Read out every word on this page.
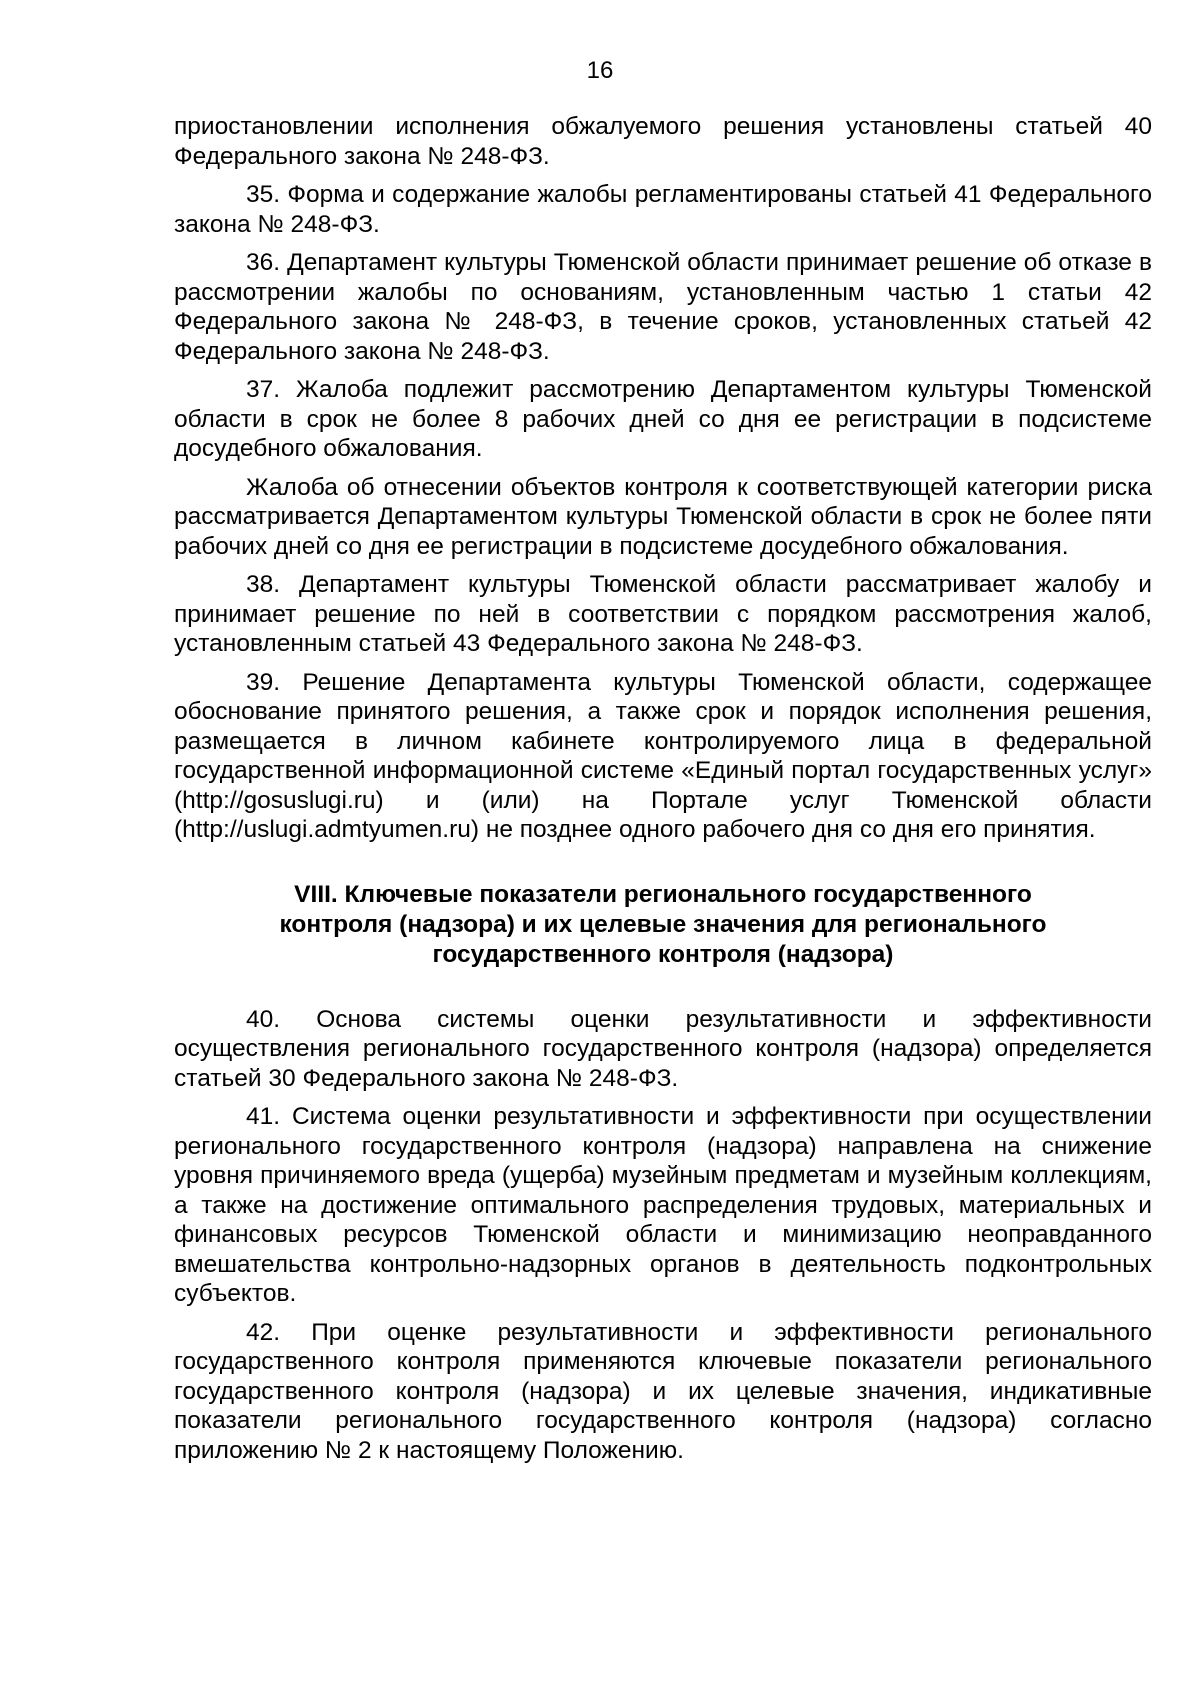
16

приостановлении исполнения обжалуемого решения установлены статьей 40 Федерального закона № 248-ФЗ.

35. Форма и содержание жалобы регламентированы статьей 41 Федерального закона № 248-ФЗ.

36. Департамент культуры Тюменской области принимает решение об отказе в рассмотрении жалобы по основаниям, установленным частью 1 статьи 42 Федерального закона № 248-ФЗ, в течение сроков, установленных статьей 42 Федерального закона № 248-ФЗ.

37. Жалоба подлежит рассмотрению Департаментом культуры Тюменской области в срок не более 8 рабочих дней со дня ее регистрации в подсистеме досудебного обжалования.

Жалоба об отнесении объектов контроля к соответствующей категории риска рассматривается Департаментом культуры Тюменской области в срок не более пяти рабочих дней со дня ее регистрации в подсистеме досудебного обжалования.

38. Департамент культуры Тюменской области рассматривает жалобу и принимает решение по ней в соответствии с порядком рассмотрения жалоб, установленным статьей 43 Федерального закона № 248-ФЗ.

39. Решение Департамента культуры Тюменской области, содержащее обоснование принятого решения, а также срок и порядок исполнения решения, размещается в личном кабинете контролируемого лица в федеральной государственной информационной системе «Единый портал государственных услуг» (http://gosuslugi.ru) и (или) на Портале услуг Тюменской области (http://uslugi.admtyumen.ru) не позднее одного рабочего дня со дня его принятия.

VIII. Ключевые показатели регионального государственного
контроля (надзора) и их целевые значения для регионального
государственного контроля (надзора)

40. Основа системы оценки результативности и эффективности осуществления регионального государственного контроля (надзора) определяется статьей 30 Федерального закона № 248-ФЗ.

41. Система оценки результативности и эффективности при осуществлении регионального государственного контроля (надзора) направлена на снижение уровня причиняемого вреда (ущерба) музейным предметам и музейным коллекциям, а также на достижение оптимального распределения трудовых, материальных и финансовых ресурсов Тюменской области и минимизацию неоправданного вмешательства контрольно-надзорных органов в деятельность подконтрольных субъектов.

42. При оценке результативности и эффективности регионального государственного контроля применяются ключевые показатели регионального государственного контроля (надзора) и их целевые значения, индикативные показатели регионального государственного контроля (надзора) согласно приложению № 2 к настоящему Положению.
